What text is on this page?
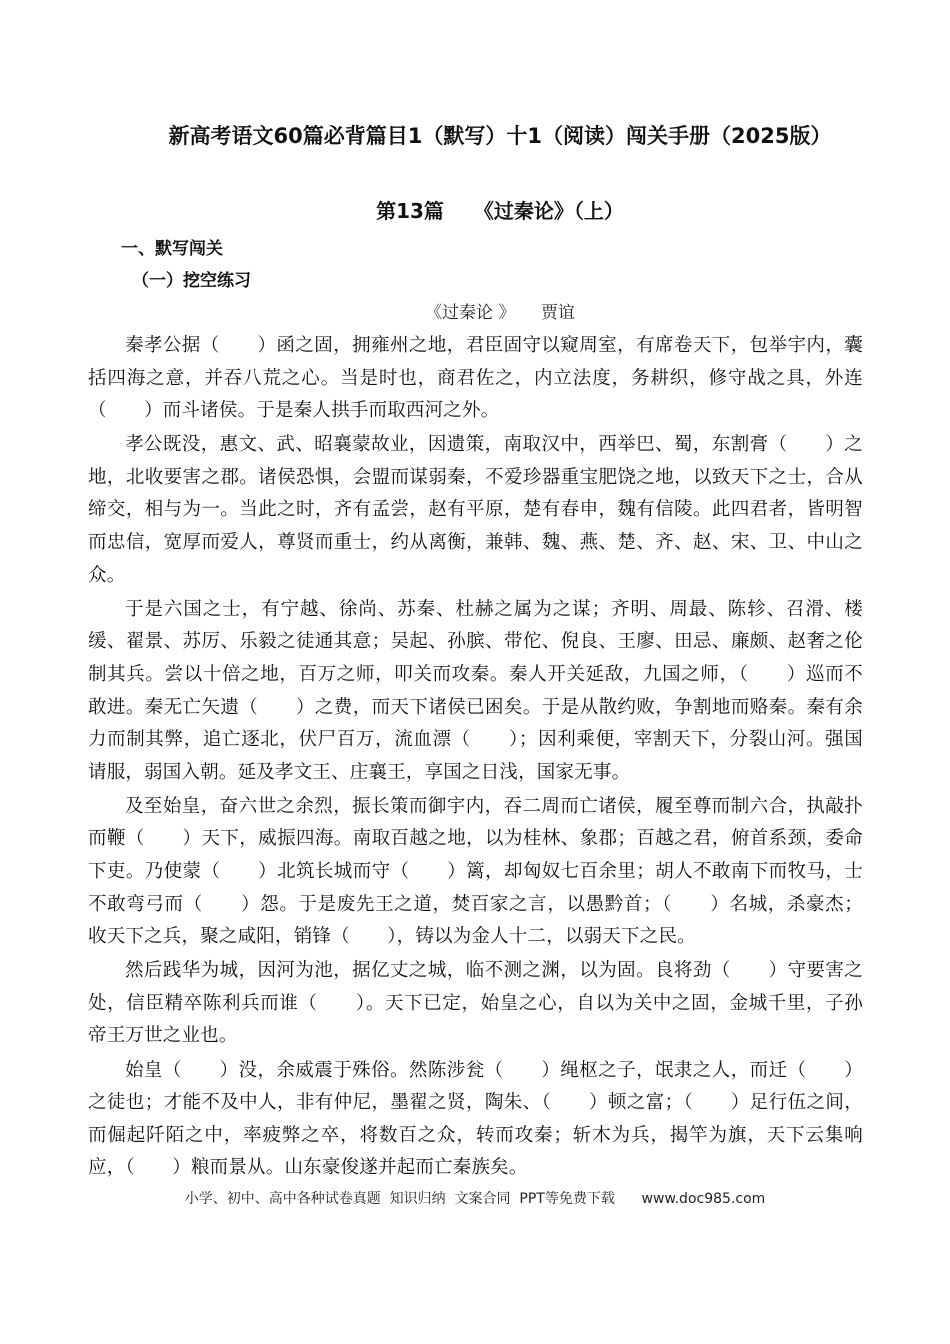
新高考语文60篇必背篇目1（默写）十1（阅读）闯关手册（2025版）
第13篇　　《过秦论》（上）
一、默写闯关
（一）挖空练习
《过秦论 》　　贾谊

秦孝公据（　　）函之固，拥雍州之地，君臣固守以窥周室，有席卷天下，包举宇内，囊括四海之意，并吞八荒之心。当是时也，商君佐之，内立法度，务耕织，修守战之具，外连（　　）而斗诸侯。于是秦人拱手而取西河之外。

孝公既没，惠文、武、昭襄蒙故业，因遗策，南取汉中，西举巴、蜀，东割膏（　　）之地，北收要害之郡。诸侯恐惧，会盟而谋弱秦，不爱珍器重宝肥饶之地，以致天下之士，合从缔交，相与为一。当此之时，齐有孟尝，赵有平原，楚有春申，魏有信陵。此四君者，皆明智而忠信，宽厚而爱人，尊贤而重士，约从离衡，兼韩、魏、燕、楚、齐、赵、宋、卫、中山之众。

于是六国之士，有宁越、徐尚、苏秦、杜赫之属为之谋；齐明、周最、陈轸、召滑、楼缓、翟景、苏厉、乐毅之徒通其意；吴起、孙膑、带佗、倪良、王廖、田忌、廉颇、赵奢之伦制其兵。尝以十倍之地，百万之师，叩关而攻秦。秦人开关延敌，九国之师，（　　）巡而不敢进。秦无亡矢遗（　　）之费，而天下诸侯已困矣。于是从散约败，争割地而赂秦。秦有余力而制其弊，追亡逐北，伏尸百万，流血漂（　　）；因利乘便，宰割天下，分裂山河。强国请服，弱国入朝。延及孝文王、庄襄王，享国之日浅，国家无事。

及至始皇，奋六世之余烈，振长策而御宇内，吞二周而亡诸侯，履至尊而制六合，执敲扑而鞭（　　）天下，威振四海。南取百越之地，以为桂林、象郡；百越之君，俯首系颈，委命下吏。乃使蒙（　　）北筑长城而守（　　）篱，却匈奴七百余里；胡人不敢南下而牧马，士不敢弯弓而（　　）怨。于是废先王之道，焚百家之言，以愚黔首；（　　）名城，杀豪杰；收天下之兵，聚之咸阳，销锋（　　），铸以为金人十二，以弱天下之民。

然后践华为城，因河为池，据亿丈之城，临不测之渊，以为固。良将劲（　　）守要害之处，信臣精卒陈利兵而谁（　　）。天下已定，始皇之心，自以为关中之固，金城千里，子孙帝王万世之业也。

始皇（　　）没，余威震于殊俗。然陈涉瓮（　　）绳枢之子，氓隶之人，而迁（　　）之徒也；才能不及中人，非有仲尼，墨翟之贤，陶朱、（　　）顿之富；（　　）足行伍之间，而倔起阡陌之中，率疲弊之卒，将数百之众，转而攻秦；斩木为兵，揭竿为旗，天下云集响应，（　　）粮而景从。山东豪俊遂并起而亡秦族矣。

小学、初中、高中各种试卷真题  知识归纳  文案合同  PPT等免费下载      www.doc985.com
